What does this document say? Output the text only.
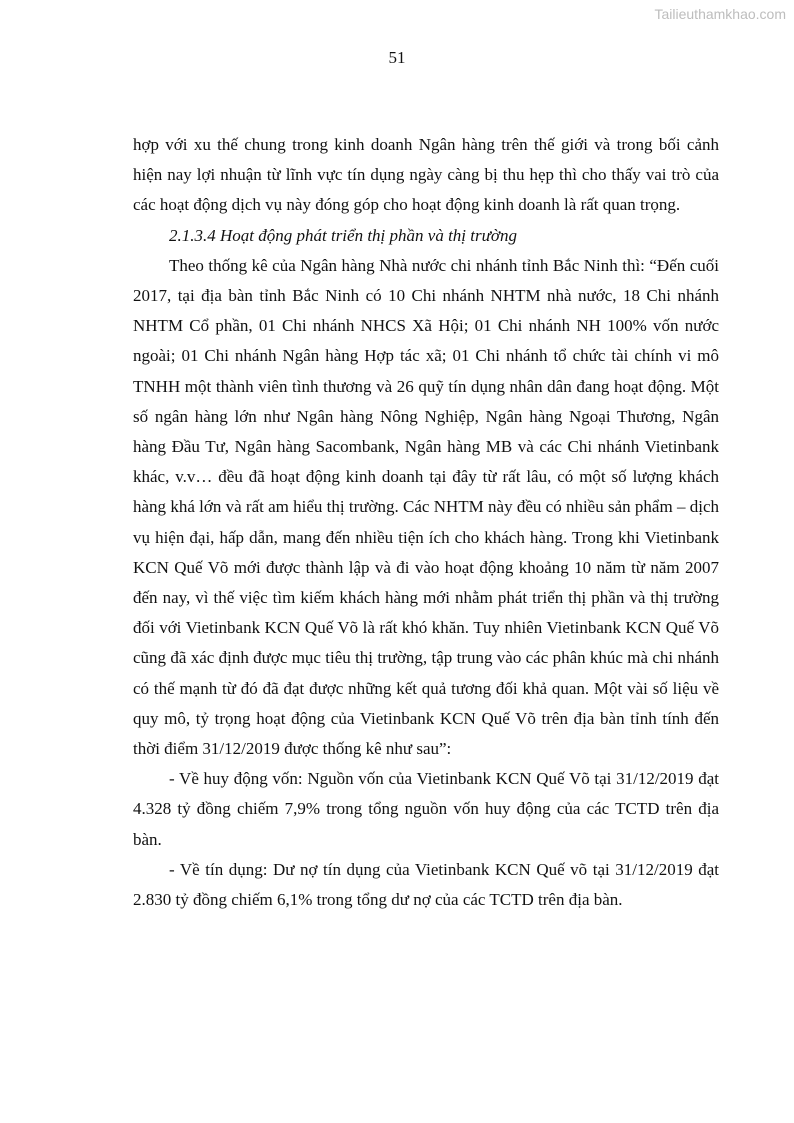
Tailieuthamkhao.com
51

hợp với xu thế chung trong kinh doanh Ngân hàng trên thế giới và trong bối cảnh hiện nay lợi nhuận từ lĩnh vực tín dụng ngày càng bị thu hẹp thì cho thấy vai trò của các hoạt động dịch vụ này đóng góp cho hoạt động kinh doanh là rất quan trọng.

2.1.3.4 Hoạt động phát triển thị phần và thị trường

Theo thống kê của Ngân hàng Nhà nước chi nhánh tỉnh Bắc Ninh thì: “Đến cuối 2017, tại địa bàn tỉnh Bắc Ninh có 10 Chi nhánh NHTM nhà nước, 18 Chi nhánh NHTM Cổ phần, 01 Chi nhánh NHCS Xã Hội; 01 Chi nhánh NH 100% vốn nước ngoài; 01 Chi nhánh Ngân hàng Hợp tác xã; 01 Chi nhánh tổ chức tài chính vi mô TNHH một thành viên tình thương và 26 quỹ tín dụng nhân dân đang hoạt động. Một số ngân hàng lớn như Ngân hàng Nông Nghiệp, Ngân hàng Ngoại Thương, Ngân hàng Đầu Tư, Ngân hàng Sacombank, Ngân hàng MB và các Chi nhánh Vietinbank khác, v.v… đều đã hoạt động kinh doanh tại đây từ rất lâu, có một số lượng khách hàng khá lớn và rất am hiểu thị trường. Các NHTM này đều có nhiều sản phẩm – dịch vụ hiện đại, hấp dẫn, mang đến nhiều tiện ích cho khách hàng. Trong khi Vietinbank KCN Quế Võ mới được thành lập và đi vào hoạt động khoảng 10 năm từ năm 2007 đến nay, vì thế việc tìm kiếm khách hàng mới nhằm phát triển thị phần và thị trường đối với Vietinbank KCN Quế Võ là rất khó khăn. Tuy nhiên Vietinbank KCN Quế Võ cũng đã xác định được mục tiêu thị trường, tập trung vào các phân khúc mà chi nhánh có thế mạnh từ đó đã đạt được những kết quả tương đối khả quan. Một vài số liệu về quy mô, tỷ trọng hoạt động của Vietinbank KCN Quế Võ trên địa bàn tỉnh tính đến thời điểm 31/12/2019 được thống kê như sau”:

- Về huy động vốn: Nguồn vốn của Vietinbank KCN Quế Võ tại 31/12/2019 đạt 4.328 tỷ đồng chiếm 7,9% trong tổng nguồn vốn huy động của các TCTD trên địa bàn.

- Về tín dụng: Dư nợ tín dụng của Vietinbank KCN Quế võ tại 31/12/2019 đạt 2.830 tỷ đồng chiếm 6,1% trong tổng dư nợ của các TCTD trên địa bàn.
